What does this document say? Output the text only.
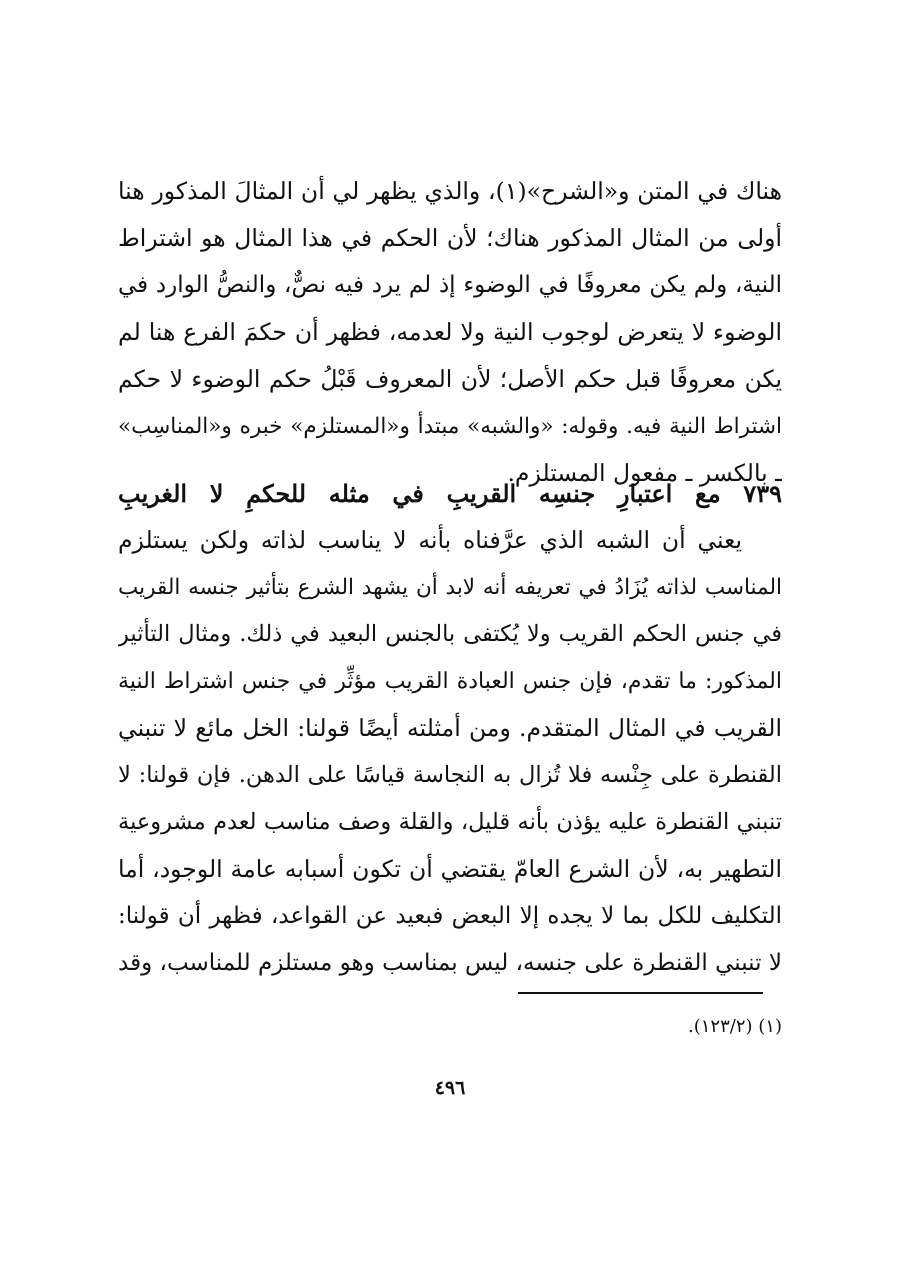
هناك في المتن و«الشرح»(١)، والذي يظهر لي أن المثالَ المذكور هنا
أولى من المثال المذكور هناك؛ لأن الحكم في هذا المثال هو اشتراط
النية، ولم يكن معروفًا في الوضوء إذ لم يرد فيه نصٌّ، والنصُّ الوارد في
الوضوء لا يتعرض لوجوب النية ولا لعدمه، فظهر أن حكمَ الفرع هنا لم
يكن معروفًا قبل حكم الأصل؛ لأن المعروف قَبْلُ حكم الوضوء لا حكم
اشتراط النية فيه. وقوله: «والشبه» مبتدأ و«المستلزم» خبره و«المناسِب»
ـ بالكسر ـ مفعول المستلزم.
٧٣٩ مع اعتبارِ جنسِه القريبِ في مثله للحكمِ لا الغريبِ
يعني أن الشبه الذي عرَّفناه بأنه لا يناسب لذاته ولكن يستلزم
المناسب لذاته يُزَادُ في تعريفه أنه لابد أن يشهد الشرع بتأثير جنسه القريب
في جنس الحكم القريب ولا يُكتفى بالجنس البعيد في ذلك. ومثال التأثير
المذكور: ما تقدم، فإن جنس العبادة القريب مؤثِّر في جنس اشتراط النية
القريب في المثال المتقدم. ومن أمثلته أيضًا قولنا: الخل مائع لا تنبني
القنطرة على جِنْسه فلا تُزال به النجاسة قياسًا على الدهن. فإن قولنا: لا
تنبني القنطرة عليه يؤذن بأنه قليل، والقلة وصف مناسب لعدم مشروعية
التطهير به، لأن الشرع العامّ يقتضي أن تكون أسبابه عامة الوجود، أما
التكليف للكل بما لا يجده إلا البعض فبعيد عن القواعد، فظهر أن قولنا:
لا تنبني القنطرة على جنسه، ليس بمناسب وهو مستلزم للمناسب، وقد
(١) (١٢٣/٢).
٤٩٦
